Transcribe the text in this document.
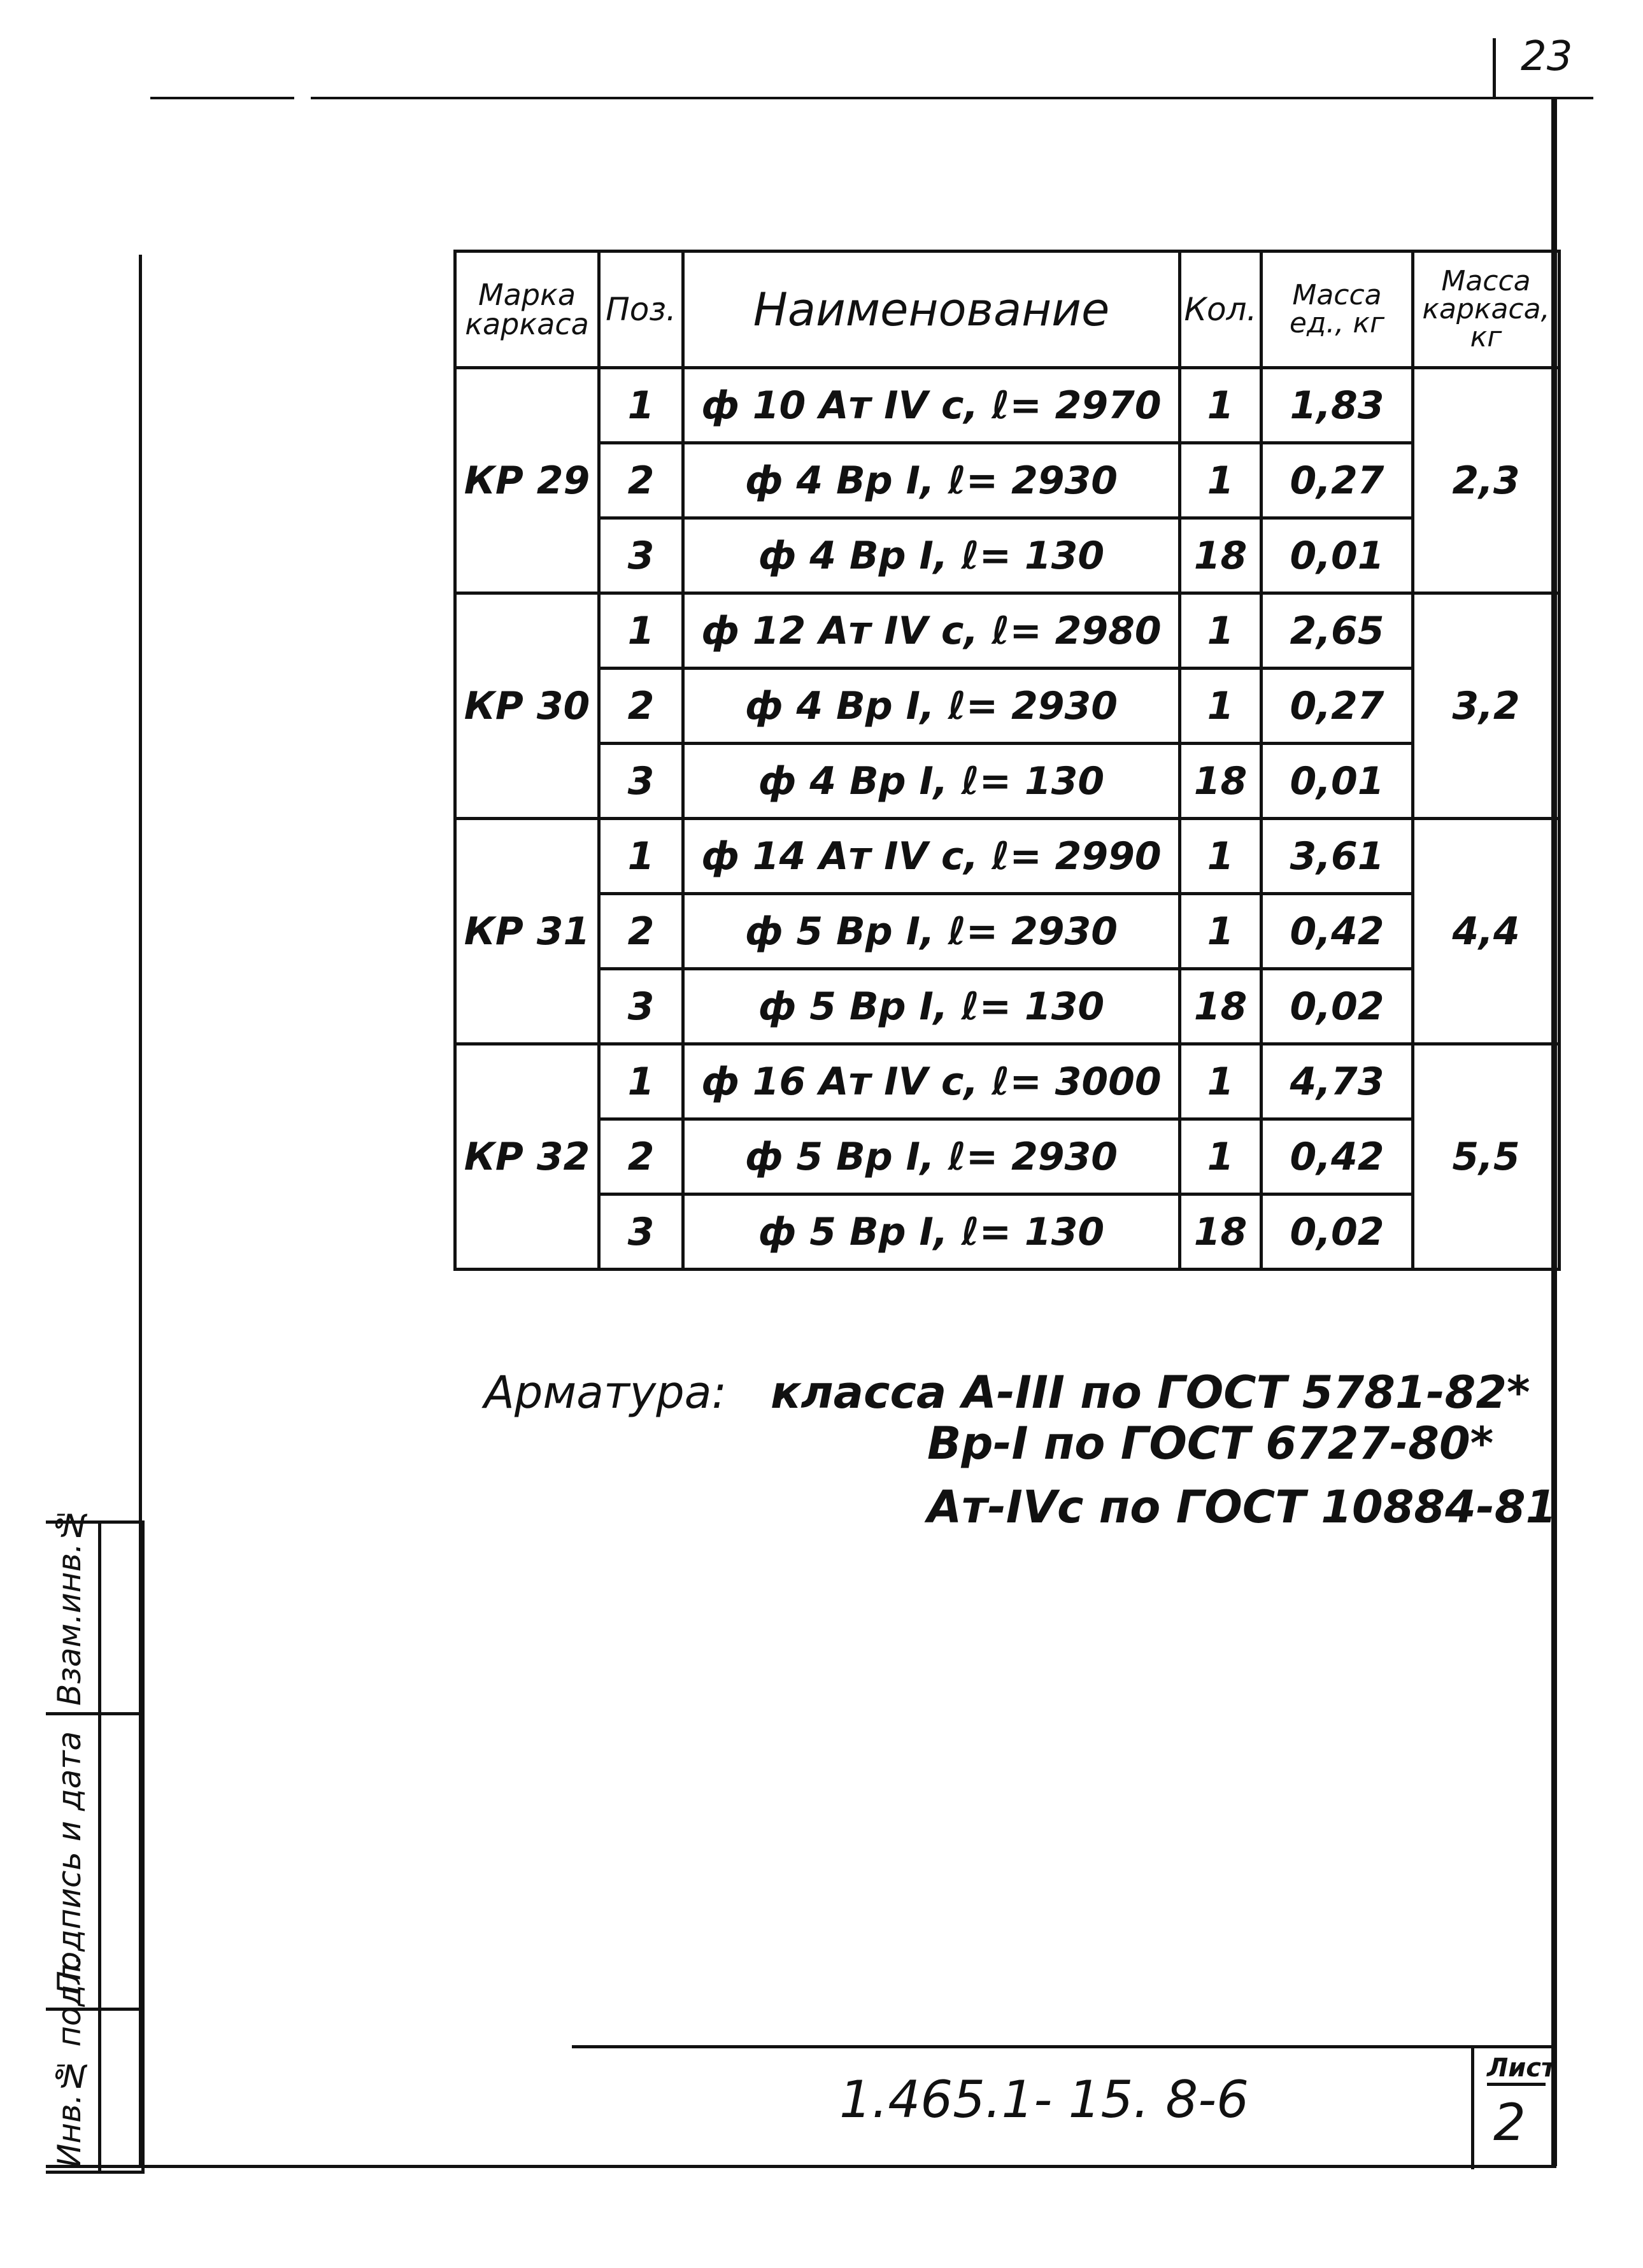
23
Марка каркаса	Поз.	Наименование	Кол.	Масса ед., кг	Масса каркаса, кг
КР 29	1	ф 10 Ат IV с, ℓ= 2970	1	1,83	2,3
	2	ф 4 Вр I, ℓ= 2930	1	0,27	
	3	ф 4 Вр I, ℓ= 130	18	0,01	
КР 30	1	ф 12 Ат IV с, ℓ= 2980	1	2,65	3,2
	2	ф 4 Вр I, ℓ= 2930	1	0,27	
	3	ф 4 Вр I, ℓ= 130	18	0,01	
КР 31	1	ф 14 Ат IV с, ℓ= 2990	1	3,61	4,4
	2	ф 5 Вр I, ℓ= 2930	1	0,42	
	3	ф 5 Вр I, ℓ= 130	18	0,02	
КР 32	1	ф 16 Ат IV с, ℓ= 3000	1	4,73	5,5
	2	ф 5 Вр I, ℓ= 2930	1	0,42	
	3	ф 5 Вр I, ℓ= 130	18	0,02	
Арматура: класса А-III по ГОСТ 5781-82*
Вр-I по ГОСТ 6727-80*
Ат-IVс по ГОСТ 10884-81
Взам.инв.№
Подпись и дата
Инв.№ подл.	1.465.1- 15. 8-6
Лист
2
